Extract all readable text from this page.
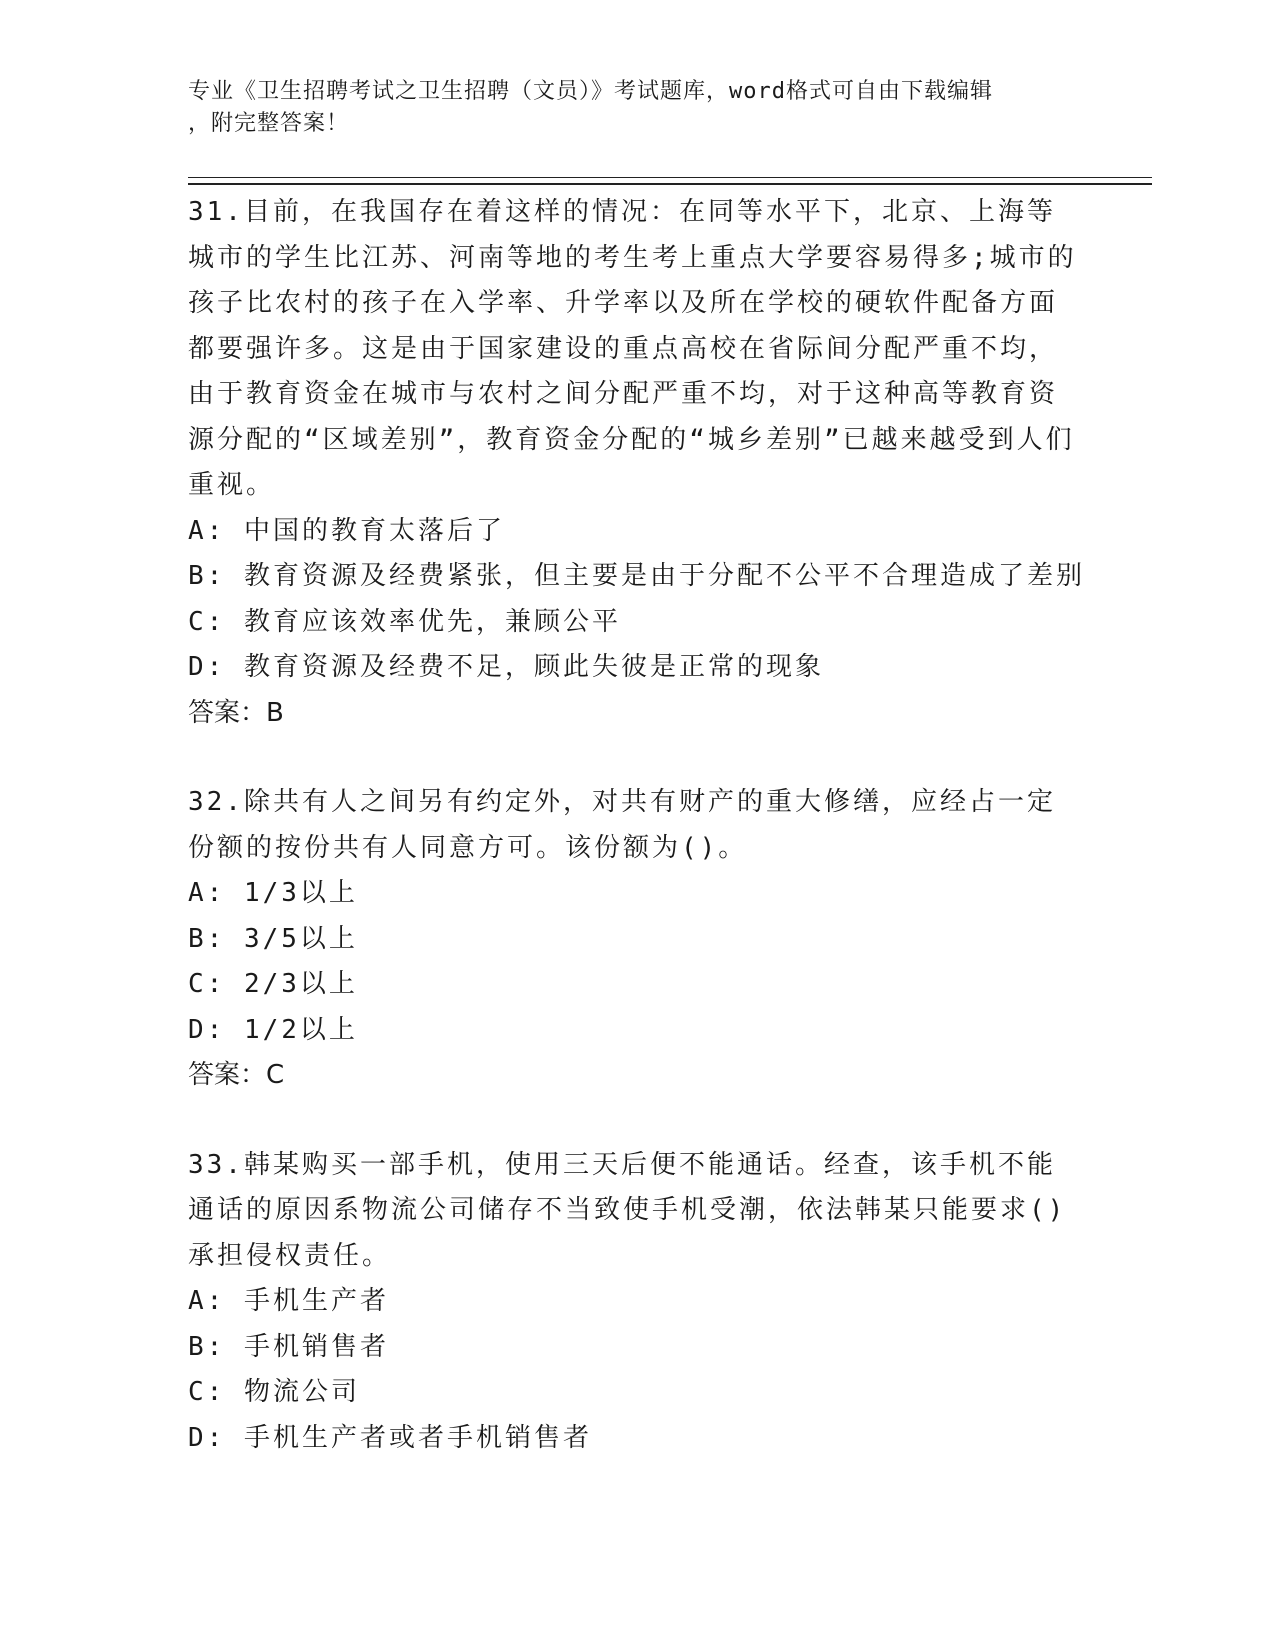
专业《卫生招聘考试之卫生招聘（文员）》考试题库，word格式可自由下载编辑
，附完整答案！

31.目前，在我国存在着这样的情况：在同等水平下，北京、上海等城市的学生比江苏、河南等地的考生考上重点大学要容易得多;城市的孩子比农村的孩子在入学率、升学率以及所在学校的硬软件配备方面都要强许多。这是由于国家建设的重点高校在省际间分配严重不均，由于教育资金在城市与农村之间分配严重不均，对于这种高等教育资源分配的“区域差别”，教育资金分配的“城乡差别”已越来越受到人们重视。

A: 中国的教育太落后了
B: 教育资源及经费紧张，但主要是由于分配不公平不合理造成了差别
C: 教育应该效率优先，兼顾公平
D: 教育资源及经费不足，顾此失彼是正常的现象
答案：B

32.除共有人之间另有约定外，对共有财产的重大修缮，应经占一定份额的按份共有人同意方可。该份额为()。

A: 1/3以上
B: 3/5以上
C: 2/3以上
D: 1/2以上
答案：C

33.韩某购买一部手机，使用三天后便不能通话。经查，该手机不能通话的原因系物流公司储存不当致使手机受潮，依法韩某只能要求()承担侵权责任。

A: 手机生产者
B: 手机销售者
C: 物流公司
D: 手机生产者或者手机销售者
